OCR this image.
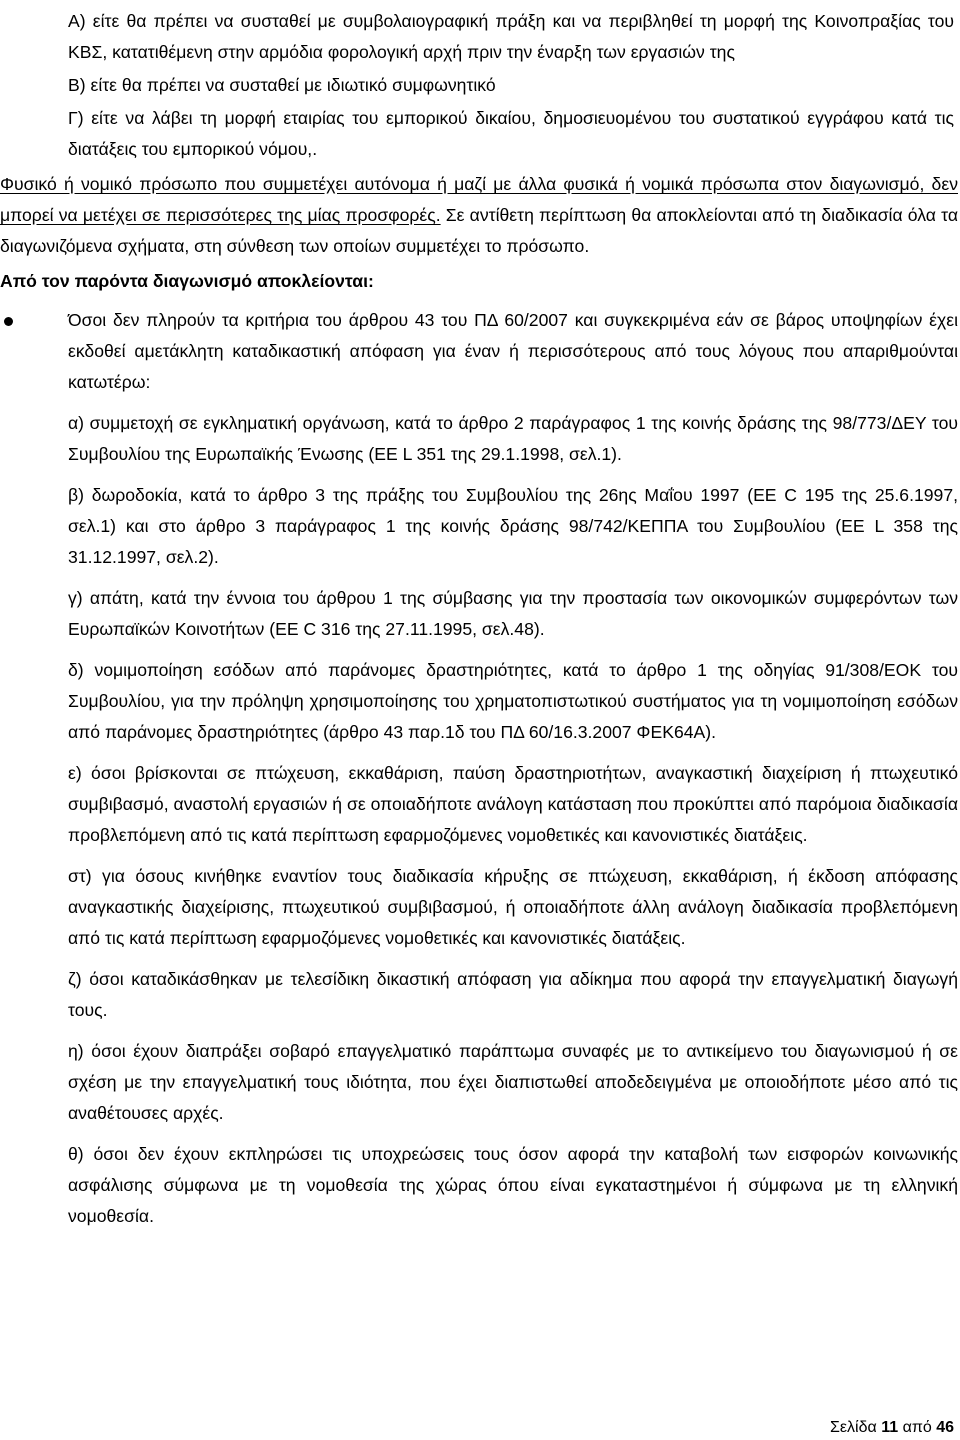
Α) είτε θα πρέπει να συσταθεί με συμβολαιογραφική πράξη και να περιβληθεί τη μορφή της Κοινοπραξίας του ΚΒΣ, κατατιθέμενη στην αρμόδια φορολογική αρχή πριν την έναρξη των εργασιών της

Β) είτε θα πρέπει να συσταθεί με ιδιωτικό συμφωνητικό

Γ) είτε να λάβει τη μορφή εταιρίας του εμπορικού δικαίου, δημοσιευομένου του συστατικού εγγράφου κατά τις διατάξεις του εμπορικού νόμου,.

Φυσικό ή νομικό πρόσωπο που συμμετέχει αυτόνομα ή μαζί με άλλα φυσικά ή νομικά πρόσωπα στον διαγωνισμό, δεν μπορεί να μετέχει σε περισσότερες της μίας προσφορές. Σε αντίθετη περίπτωση θα αποκλείονται από τη διαδικασία όλα τα διαγωνιζόμενα σχήματα, στη σύνθεση των οποίων συμμετέχει το πρόσωπο.

Από τον παρόντα διαγωνισμό αποκλείονται:

Όσοι δεν πληρούν τα κριτήρια του άρθρου 43 του ΠΔ 60/2007 και συγκεκριμένα εάν σε βάρος υποψηφίων έχει εκδοθεί αμετάκλητη καταδικαστική απόφαση για έναν ή περισσότερους από τους λόγους που απαριθμούνται κατωτέρω:

α) συμμετοχή σε εγκληματική οργάνωση, κατά το άρθρο 2 παράγραφος 1 της κοινής δράσης της 98/773/ΔΕΥ του Συμβουλίου της Ευρωπαϊκής Ένωσης (ΕΕ L 351 της 29.1.1998, σελ.1).

β) δωροδοκία, κατά το άρθρο 3 της πράξης του Συμβουλίου της 26ης Μαΐου 1997 (ΕΕ C 195 της 25.6.1997, σελ.1) και στο άρθρο 3 παράγραφος 1 της κοινής δράσης 98/742/ΚΕΠΠΑ του Συμβουλίου (ΕΕ L 358 της 31.12.1997, σελ.2).

γ) απάτη, κατά την έννοια του άρθρου 1 της σύμβασης για την προστασία των οικονομικών συμφερόντων των Ευρωπαϊκών Κοινοτήτων (ΕΕ C 316 της 27.11.1995, σελ.48).

δ) νομιμοποίηση εσόδων από παράνομες δραστηριότητες, κατά το άρθρο 1 της οδηγίας 91/308/ΕΟΚ του Συμβουλίου, για την πρόληψη χρησιμοποίησης του χρηματοπιστωτικού συστήματος για τη νομιμοποίηση εσόδων από παράνομες δραστηριότητες (άρθρο 43 παρ.1δ του ΠΔ 60/16.3.2007 ΦΕΚ64Α).

ε) όσοι βρίσκονται σε πτώχευση, εκκαθάριση, παύση δραστηριοτήτων, αναγκαστική διαχείριση ή πτωχευτικό συμβιβασμό, αναστολή εργασιών ή σε οποιαδήποτε ανάλογη κατάσταση που προκύπτει από παρόμοια διαδικασία προβλεπόμενη από τις κατά περίπτωση εφαρμοζόμενες νομοθετικές και κανονιστικές διατάξεις.

στ) για όσους κινήθηκε εναντίον τους διαδικασία κήρυξης σε πτώχευση, εκκαθάριση, ή έκδοση απόφασης αναγκαστικής διαχείρισης, πτωχευτικού συμβιβασμού, ή οποιαδήποτε άλλη ανάλογη διαδικασία προβλεπόμενη από τις κατά περίπτωση εφαρμοζόμενες νομοθετικές και κανονιστικές διατάξεις.

ζ) όσοι καταδικάσθηκαν με τελεσίδικη δικαστική απόφαση για αδίκημα που αφορά την επαγγελματική διαγωγή τους.

η) όσοι έχουν διαπράξει σοβαρό επαγγελματικό παράπτωμα συναφές με το αντικείμενο του διαγωνισμού ή σε σχέση με την επαγγελματική τους ιδιότητα, που έχει διαπιστωθεί αποδεδειγμένα με οποιοδήποτε μέσο από τις αναθέτουσες αρχές.

θ) όσοι δεν έχουν εκπληρώσει τις υποχρεώσεις τους όσον αφορά την καταβολή των εισφορών κοινωνικής ασφάλισης σύμφωνα με τη νομοθεσία της χώρας όπου είναι εγκαταστημένοι ή σύμφωνα με τη ελληνική νομοθεσία.

Σελίδα 11 από 46
